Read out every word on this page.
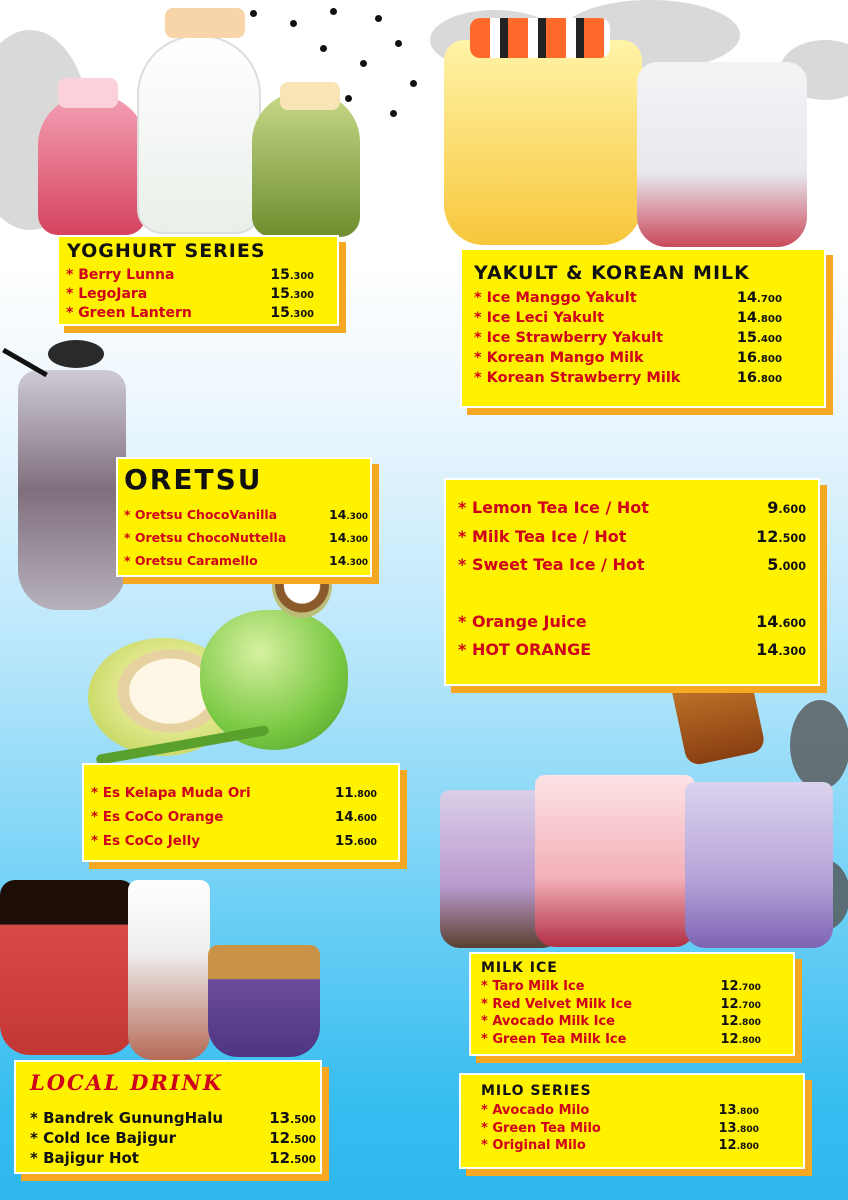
YOGHURT SERIES
* Berry Lunna	15.300
* LegoJara	15.300
* Green Lantern	15.300
YAKULT & KOREAN MILK
* Ice Manggo Yakult	14.700
* Ice Leci Yakult	14.800
* Ice Strawberry Yakult	15.400
* Korean Mango Milk	16.800
* Korean Strawberry Milk	16.800
ORETSU
* Oretsu ChocoVanilla	14.300
* Oretsu ChocoNuttella	14.300
* Oretsu Caramello	14.300
* Lemon Tea Ice / Hot	9.600
* Milk Tea Ice / Hot	12.500
* Sweet Tea Ice / Hot	5.000
* Orange Juice	14.600
* HOT ORANGE	14.300
* Es Kelapa Muda Ori	11.800
* Es CoCo Orange	14.600
* Es CoCo Jelly	15.600
MILK ICE
* Taro Milk Ice	12.700
* Red Velvet Milk Ice	12.700
* Avocado Milk Ice	12.800
* Green Tea Milk Ice	12.800
MILO SERIES
* Avocado Milo	13.800
* Green Tea Milo	13.800
* Original Milo	12.800
LOCAL DRINK
* Bandrek GunungHalu	13.500
* Cold Ice Bajigur	12.500
* Bajigur Hot	12.500
